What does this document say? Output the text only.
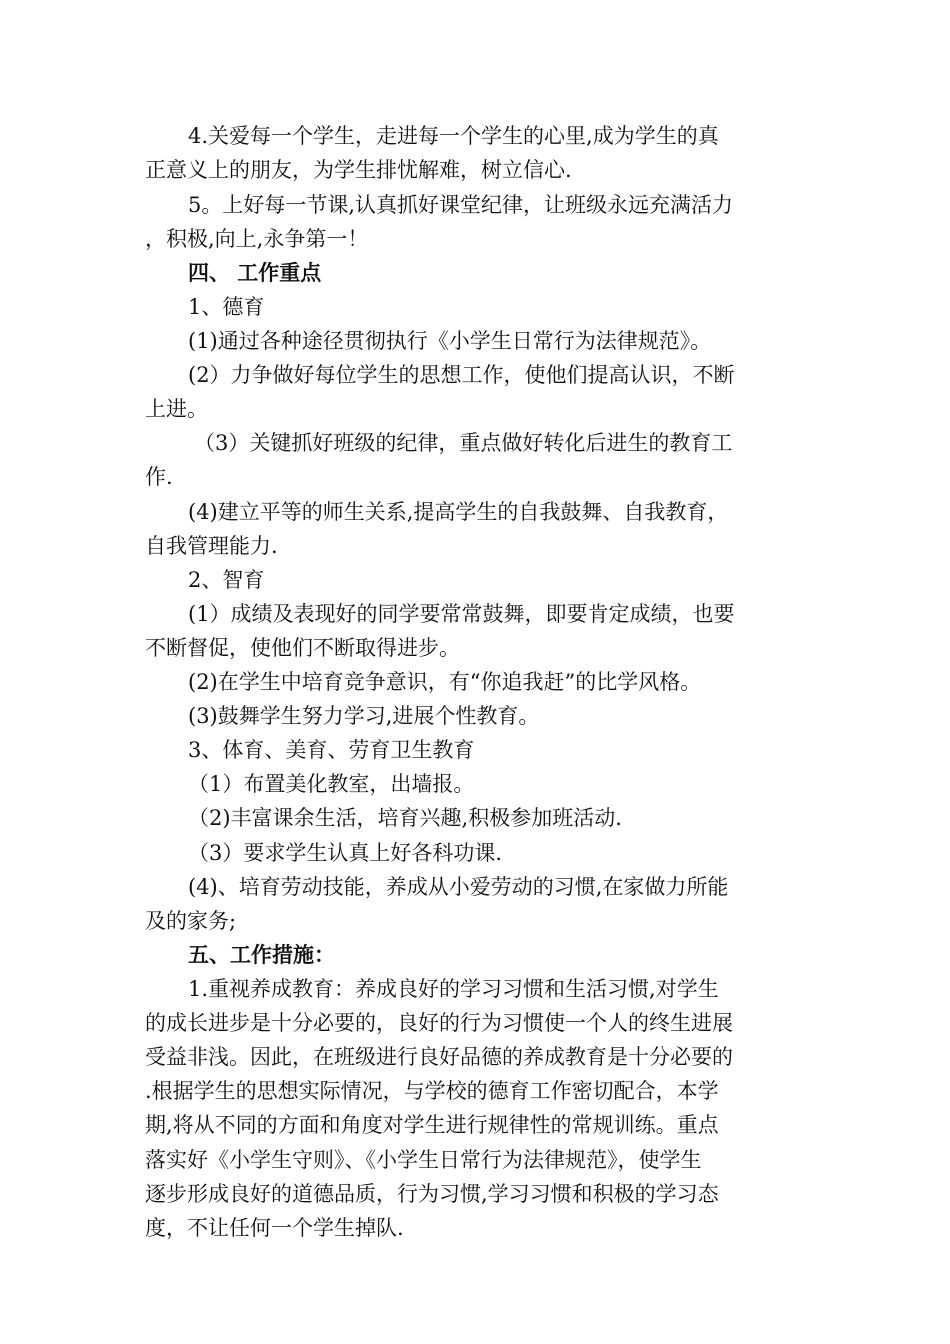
4.关爱每一个学生，走进每一个学生的心里,成为学生的真
正意义上的朋友，为学生排忧解难，树立信心.
5。上好每一节课,认真抓好课堂纪律，让班级永远充满活力
，积极,向上,永争第一！
四、 工作重点
1、德育
(1)通过各种途径贯彻执行《小学生日常行为法律规范》。
(2）力争做好每位学生的思想工作，使他们提高认识，不断
上进。
（3）关键抓好班级的纪律，重点做好转化后进生的教育工
作.
(4)建立平等的师生关系,提高学生的自我鼓舞、自我教育，
自我管理能力.
2、智育
(1）成绩及表现好的同学要常常鼓舞，即要肯定成绩，也要
不断督促，使他们不断取得进步。
(2)在学生中培育竞争意识，有“你追我赶”的比学风格。
(3)鼓舞学生努力学习,进展个性教育。
3、体育、美育、劳育卫生教育
（1）布置美化教室，出墙报。
（2)丰富课余生活，培育兴趣,积极参加班活动.
（3）要求学生认真上好各科功课.
(4)、培育劳动技能，养成从小爱劳动的习惯,在家做力所能
及的家务;
五、工作措施：
1.重视养成教育：养成良好的学习习惯和生活习惯,对学生
的成长进步是十分必要的，良好的行为习惯使一个人的终生进展
受益非浅。因此，在班级进行良好品德的养成教育是十分必要的
.根据学生的思想实际情况，与学校的德育工作密切配合，本学
期,将从不同的方面和角度对学生进行规律性的常规训练。重点
落实好《小学生守则》、《小学生日常行为法律规范》，使学生
逐步形成良好的道德品质，行为习惯,学习习惯和积极的学习态
度，不让任何一个学生掉队.
